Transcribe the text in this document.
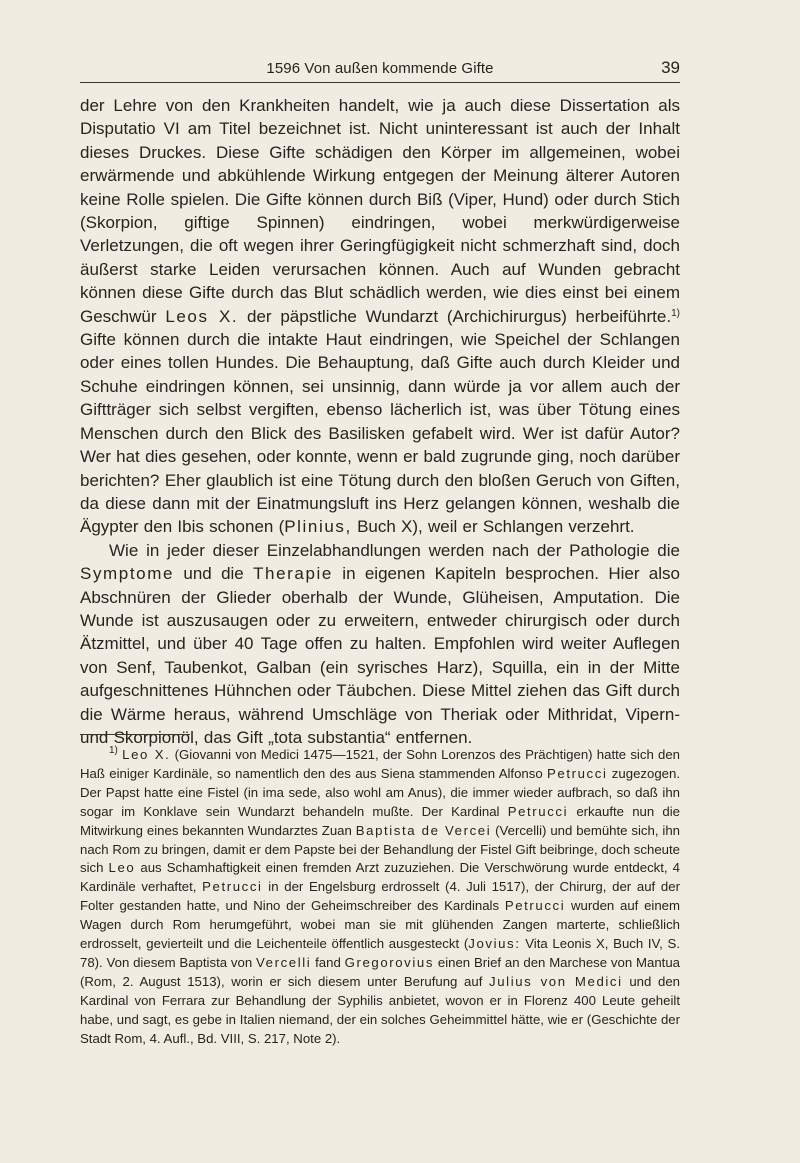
1596 Von außen kommende Gifte	39

der Lehre von den Krankheiten handelt, wie ja auch diese Dissertation als Disputatio VI am Titel bezeichnet ist. Nicht uninteressant ist auch der Inhalt dieses Druckes. Diese Gifte schädigen den Körper im allgemeinen, wobei erwärmende und abkühlende Wirkung entgegen der Meinung älterer Autoren keine Rolle spielen. Die Gifte können durch Biß (Viper, Hund) oder durch Stich (Skorpion, giftige Spinnen) eindringen, wobei merkwürdigerweise Verletzungen, die oft wegen ihrer Geringfügigkeit nicht schmerzhaft sind, doch äußerst starke Leiden verursachen können. Auch auf Wunden gebracht können diese Gifte durch das Blut schädlich werden, wie dies einst bei einem Geschwür Leos X. der päpstliche Wundarzt (Archichirurgus) herbeiführte.$^{1)}$ Gifte können durch die intakte Haut eindringen, wie Speichel der Schlangen oder eines tollen Hundes. Die Behauptung, daß Gifte auch durch Kleider und Schuhe eindringen können, sei unsinnig, dann würde ja vor allem auch der Giftträger sich selbst vergiften, ebenso lächerlich ist, was über Tötung eines Menschen durch den Blick des Basilisken gefabelt wird. Wer ist dafür Autor? Wer hat dies gesehen, oder konnte, wenn er bald zugrunde ging, noch darüber berichten? Eher glaublich ist eine Tötung durch den bloßen Geruch von Giften, da diese dann mit der Einatmungsluft ins Herz gelangen können, weshalb die Ägypter den Ibis schonen (Plinius, Buch X), weil er Schlangen verzehrt.

Wie in jeder dieser Einzelabhandlungen werden nach der Pathologie die Symptome und die Therapie in eigenen Kapiteln besprochen. Hier also Abschnüren der Glieder oberhalb der Wunde, Glüheisen, Amputation. Die Wunde ist auszusaugen oder zu erweitern, entweder chirurgisch oder durch Ätzmittel, und über 40 Tage offen zu halten. Empfohlen wird weiter Auflegen von Senf, Taubenkot, Galban (ein syrisches Harz), Squilla, ein in der Mitte aufgeschnittenes Hühnchen oder Täubchen. Diese Mittel ziehen das Gift durch die Wärme heraus, während Umschläge von Theriak oder Mithridat, Vipern- und Skorpionöl, das Gift „tota substantia“ entfernen.

$^{1)}$ Leo X. (Giovanni von Medici 1475—1521, der Sohn Lorenzos des Prächtigen) hatte sich den Haß einiger Kardinäle, so namentlich den des aus Siena stammenden Alfonso Petrucci zugezogen. Der Papst hatte eine Fistel (in ima sede, also wohl am Anus), die immer wieder aufbrach, so daß ihn sogar im Konklave sein Wundarzt behandeln mußte. Der Kardinal Petrucci erkaufte nun die Mitwirkung eines bekannten Wundarztes Zuan Baptista de Vercei (Vercelli) und bemühte sich, ihn nach Rom zu bringen, damit er dem Papste bei der Behandlung der Fistel Gift beibringe, doch scheute sich Leo aus Schamhaftigkeit einen fremden Arzt zuzuziehen. Die Verschwörung wurde entdeckt, 4 Kardinäle verhaftet, Petrucci in der Engelsburg erdrosselt (4. Juli 1517), der Chirurg, der auf der Folter gestanden hatte, und Nino der Geheimschreiber des Kardinals Petrucci wurden auf einem Wagen durch Rom herumgeführt, wobei man sie mit glühenden Zangen marterte, schließlich erdrosselt, gevierteilt und die Leichenteile öffentlich ausgesteckt (Jovius: Vita Leonis X, Buch IV, S. 78). Von diesem Baptista von Vercelli fand Gregorovius einen Brief an den Marchese von Mantua (Rom, 2. August 1513), worin er sich diesem unter Berufung auf Julius von Medici und den Kardinal von Ferrara zur Behandlung der Syphilis anbietet, wovon er in Florenz 400 Leute geheilt habe, und sagt, es gebe in Italien niemand, der ein solches Geheimmittel hätte, wie er (Geschichte der Stadt Rom, 4. Aufl., Bd. VIII, S. 217, Note 2).
